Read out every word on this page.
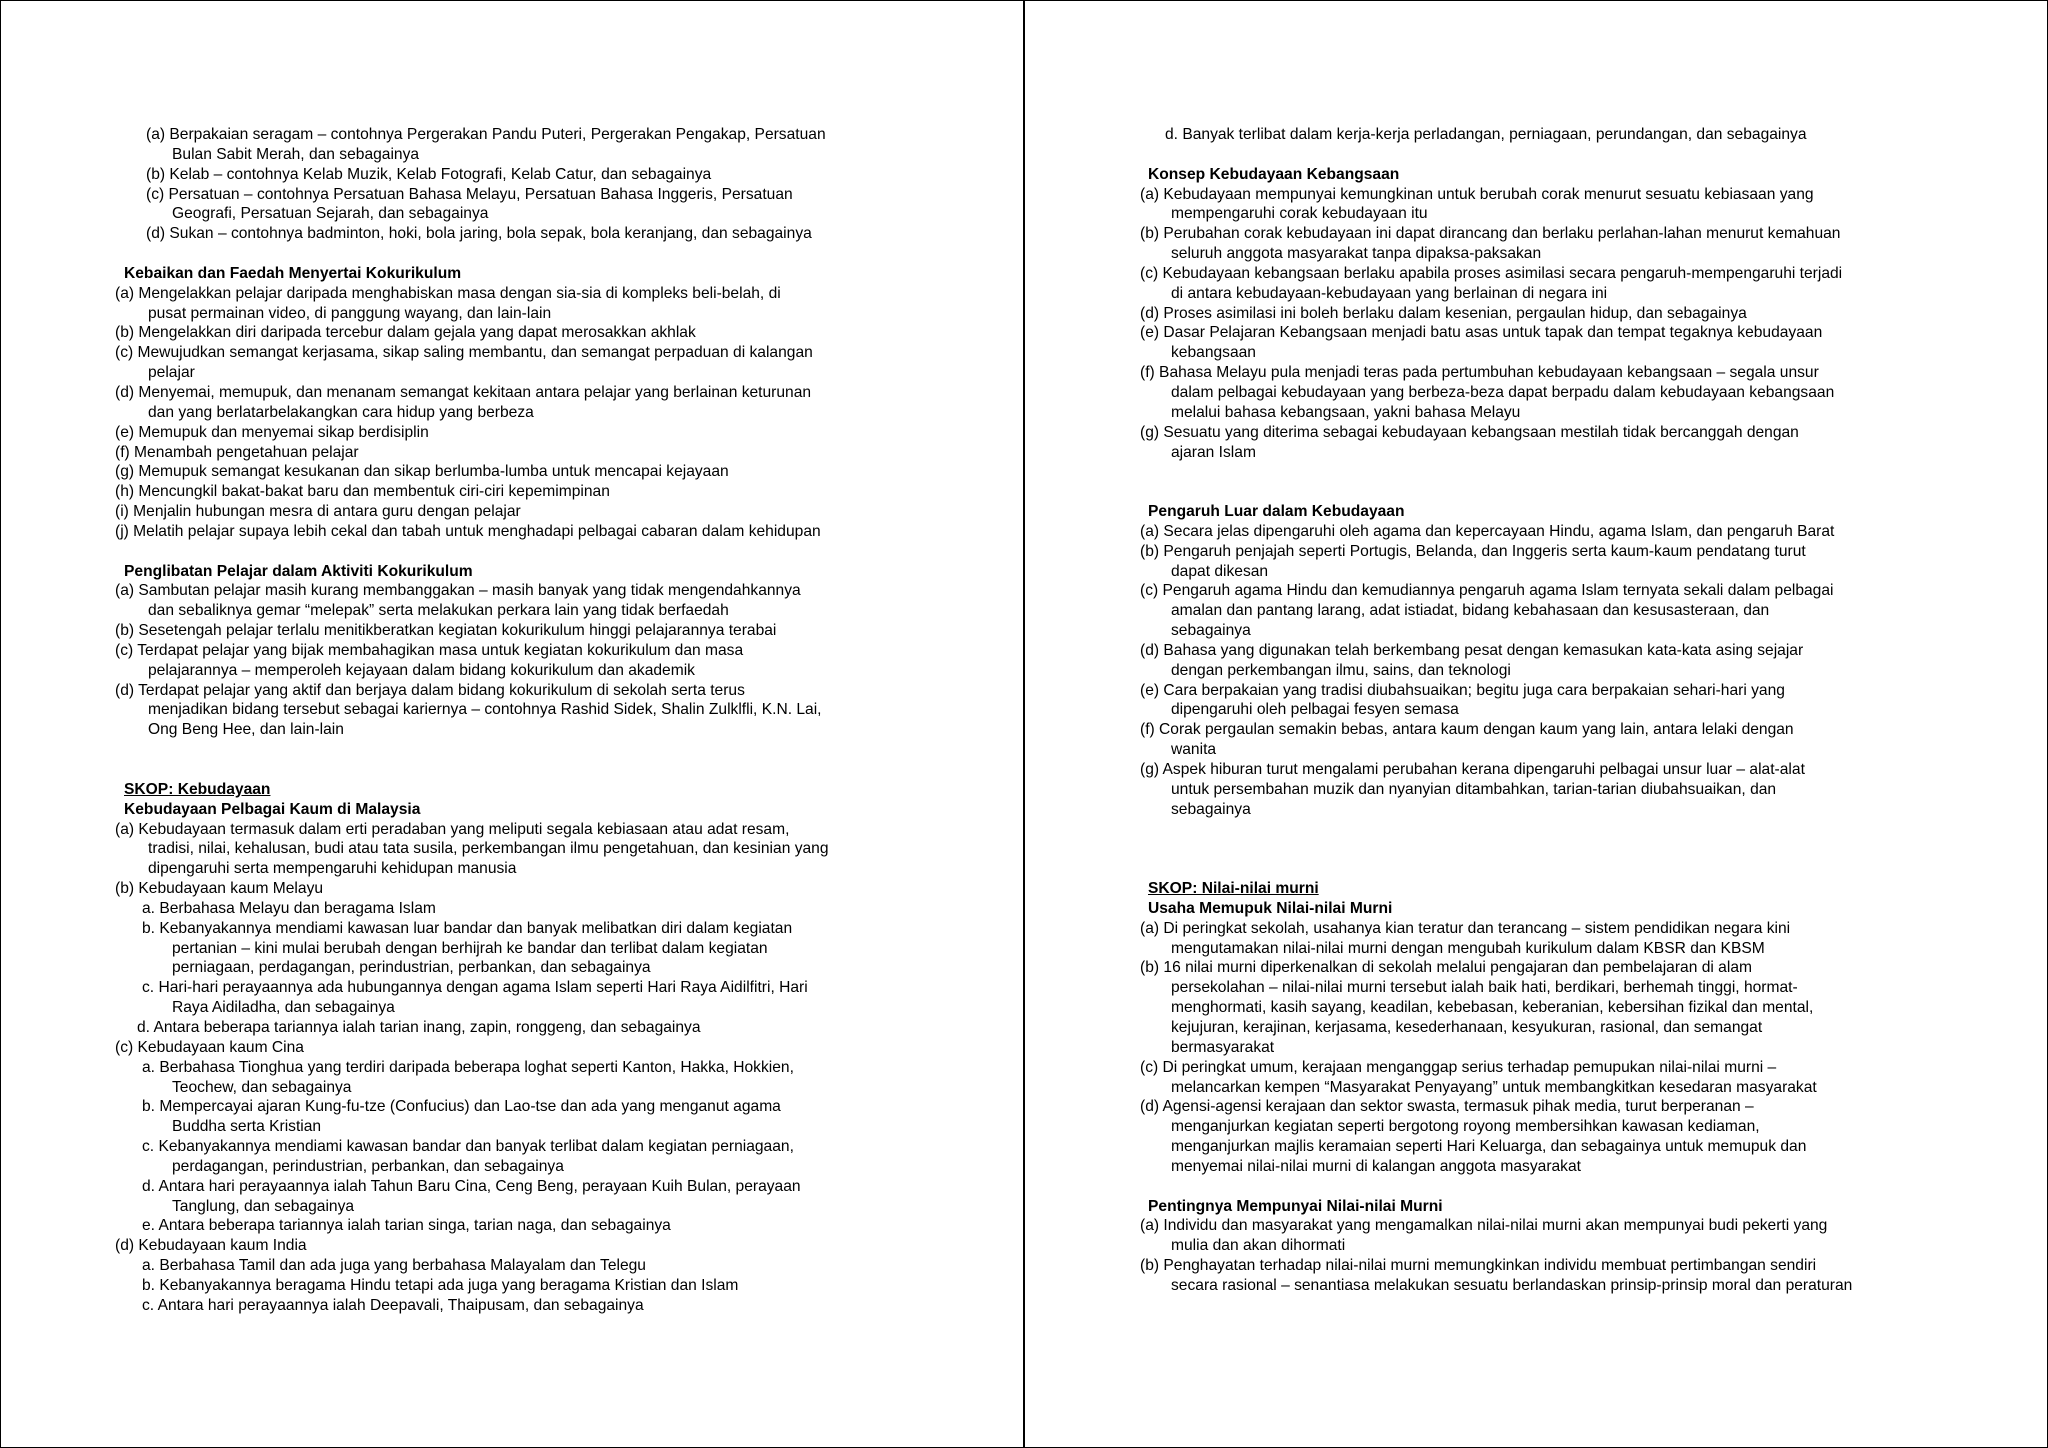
(a) Berpakaian seragam – contohnya Pergerakan Pandu Puteri, Pergerakan Pengakap, Persatuan
Bulan Sabit Merah, dan sebagainya
(b) Kelab – contohnya Kelab Muzik, Kelab Fotografi, Kelab Catur, dan sebagainya
(c) Persatuan – contohnya Persatuan Bahasa Melayu, Persatuan Bahasa Inggeris, Persatuan
Geografi, Persatuan Sejarah, dan sebagainya
(d) Sukan – contohnya badminton, hoki, bola jaring, bola sepak, bola keranjang, dan sebagainya
Kebaikan dan Faedah Menyertai Kokurikulum
(a) Mengelakkan pelajar daripada menghabiskan masa dengan sia-sia di kompleks beli-belah, di
pusat permainan video, di panggung wayang, dan lain-lain
(b) Mengelakkan diri daripada tercebur dalam gejala yang dapat merosakkan akhlak
(c) Mewujudkan semangat kerjasama, sikap saling membantu, dan semangat perpaduan di kalangan
pelajar
(d) Menyemai, memupuk, dan menanam semangat kekitaan antara pelajar yang berlainan keturunan
dan yang berlatarbelakangkan cara hidup yang berbeza
(e) Memupuk dan menyemai sikap berdisiplin
(f) Menambah pengetahuan pelajar
(g) Memupuk semangat kesukanan dan sikap berlumba-lumba untuk mencapai kejayaan
(h) Mencungkil bakat-bakat baru dan membentuk ciri-ciri kepemimpinan
(i) Menjalin hubungan mesra di antara guru dengan pelajar
(j) Melatih pelajar supaya lebih cekal dan tabah untuk menghadapi pelbagai cabaran dalam kehidupan
Penglibatan Pelajar dalam Aktiviti Kokurikulum
(a) Sambutan pelajar masih kurang membanggakan – masih banyak yang tidak mengendahkannya
dan sebaliknya gemar “melepak” serta melakukan perkara lain yang tidak berfaedah
(b) Sesetengah pelajar terlalu menitikberatkan kegiatan kokurikulum hinggi pelajarannya terabai
(c) Terdapat pelajar yang bijak membahagikan masa untuk kegiatan kokurikulum dan masa
pelajarannya – memperoleh kejayaan dalam bidang kokurikulum dan akademik
(d) Terdapat pelajar yang aktif dan berjaya dalam bidang kokurikulum di sekolah serta terus
menjadikan bidang tersebut sebagai kariernya – contohnya Rashid Sidek, Shalin Zulklfli, K.N. Lai,
Ong Beng Hee, dan lain-lain
SKOP: Kebudayaan
Kebudayaan Pelbagai Kaum di Malaysia
(a) Kebudayaan termasuk dalam erti peradaban yang meliputi segala kebiasaan atau adat resam,
tradisi, nilai, kehalusan, budi atau tata susila, perkembangan ilmu pengetahuan, dan kesinian yang
dipengaruhi serta mempengaruhi kehidupan manusia
(b) Kebudayaan kaum Melayu
a. Berbahasa Melayu dan beragama Islam
b. Kebanyakannya mendiami kawasan luar bandar dan banyak melibatkan diri dalam kegiatan
pertanian – kini mulai berubah dengan berhijrah ke bandar dan terlibat dalam kegiatan
perniagaan, perdagangan, perindustrian, perbankan, dan sebagainya
c. Hari-hari perayaannya ada hubungannya dengan agama Islam seperti Hari Raya Aidilfitri, Hari
Raya Aidiladha, dan sebagainya
d. Antara beberapa tariannya ialah tarian inang, zapin, ronggeng, dan sebagainya
(c) Kebudayaan kaum Cina
a. Berbahasa Tionghua yang terdiri daripada beberapa loghat seperti Kanton, Hakka, Hokkien,
Teochew, dan sebagainya
b. Mempercayai ajaran Kung-fu-tze (Confucius) dan Lao-tse dan ada yang menganut agama
Buddha serta Kristian
c. Kebanyakannya mendiami kawasan bandar dan banyak terlibat dalam kegiatan perniagaan,
perdagangan, perindustrian, perbankan, dan sebagainya
d. Antara hari perayaannya ialah Tahun Baru Cina, Ceng Beng, perayaan Kuih Bulan, perayaan
Tanglung, dan sebagainya
e. Antara beberapa tariannya ialah tarian singa, tarian naga, dan sebagainya
(d) Kebudayaan kaum India
a. Berbahasa Tamil dan ada juga yang berbahasa Malayalam dan Telegu
b. Kebanyakannya beragama Hindu tetapi ada juga yang beragama Kristian dan Islam
c. Antara hari perayaannya ialah Deepavali, Thaipusam, dan sebagainya
d. Banyak terlibat dalam kerja-kerja perladangan, perniagaan, perundangan, dan sebagainya
Konsep Kebudayaan Kebangsaan
(a) Kebudayaan mempunyai kemungkinan untuk berubah corak menurut sesuatu kebiasaan yang
mempengaruhi corak kebudayaan itu
(b) Perubahan corak kebudayaan ini dapat dirancang dan berlaku perlahan-lahan menurut kemahuan
seluruh anggota masyarakat tanpa dipaksa-paksakan
(c) Kebudayaan kebangsaan berlaku apabila proses asimilasi secara pengaruh-mempengaruhi terjadi
di antara kebudayaan-kebudayaan yang berlainan di negara ini
(d) Proses asimilasi ini boleh berlaku dalam kesenian, pergaulan hidup, dan sebagainya
(e) Dasar Pelajaran Kebangsaan menjadi batu asas untuk tapak dan tempat tegaknya kebudayaan
kebangsaan
(f) Bahasa Melayu pula menjadi teras pada pertumbuhan kebudayaan kebangsaan – segala unsur
dalam pelbagai kebudayaan yang berbeza-beza dapat berpadu dalam kebudayaan kebangsaan
melalui bahasa kebangsaan, yakni bahasa Melayu
(g) Sesuatu yang diterima sebagai kebudayaan kebangsaan mestilah tidak bercanggah dengan
ajaran Islam
Pengaruh Luar dalam Kebudayaan
(a) Secara jelas dipengaruhi oleh agama dan kepercayaan Hindu, agama Islam, dan pengaruh Barat
(b) Pengaruh penjajah seperti Portugis, Belanda, dan Inggeris serta kaum-kaum pendatang turut
dapat dikesan
(c) Pengaruh agama Hindu dan kemudiannya pengaruh agama Islam ternyata sekali dalam pelbagai
amalan dan pantang larang, adat istiadat, bidang kebahasaan dan kesusasteraan, dan
sebagainya
(d) Bahasa yang digunakan telah berkembang pesat dengan kemasukan kata-kata asing sejajar
dengan perkembangan ilmu, sains, dan teknologi
(e) Cara berpakaian yang tradisi diubahsuaikan; begitu juga cara berpakaian sehari-hari yang
dipengaruhi oleh pelbagai fesyen semasa
(f) Corak pergaulan semakin bebas, antara kaum dengan kaum yang lain, antara lelaki dengan
wanita
(g) Aspek hiburan turut mengalami perubahan kerana dipengaruhi pelbagai unsur luar – alat-alat
untuk persembahan muzik dan nyanyian ditambahkan, tarian-tarian diubahsuaikan, dan
sebagainya
SKOP: Nilai-nilai murni
Usaha Memupuk Nilai-nilai Murni
(a) Di peringkat sekolah, usahanya kian teratur dan terancang – sistem pendidikan negara kini
mengutamakan nilai-nilai murni dengan mengubah kurikulum dalam KBSR dan KBSM
(b) 16 nilai murni diperkenalkan di sekolah melalui pengajaran dan pembelajaran di alam
persekolahan – nilai-nilai murni tersebut ialah baik hati, berdikari, berhemah tinggi, hormat-
menghormati, kasih sayang, keadilan, kebebasan, keberanian, kebersihan fizikal dan mental,
kejujuran, kerajinan, kerjasama, kesederhanaan, kesyukuran, rasional, dan semangat
bermasyarakat
(c) Di peringkat umum, kerajaan menganggap serius terhadap pemupukan nilai-nilai murni –
melancarkan kempen “Masyarakat Penyayang” untuk membangkitkan kesedaran masyarakat
(d) Agensi-agensi kerajaan dan sektor swasta, termasuk pihak media, turut berperanan –
menganjurkan kegiatan seperti bergotong royong membersihkan kawasan kediaman,
menganjurkan majlis keramaian seperti Hari Keluarga, dan sebagainya untuk memupuk dan
menyemai nilai-nilai murni di kalangan anggota masyarakat
Pentingnya Mempunyai Nilai-nilai Murni
(a) Individu dan masyarakat yang mengamalkan nilai-nilai murni akan mempunyai budi pekerti yang
mulia dan akan dihormati
(b) Penghayatan terhadap nilai-nilai murni memungkinkan individu membuat pertimbangan sendiri
secara rasional – senantiasa melakukan sesuatu berlandaskan prinsip-prinsip moral dan peraturan
